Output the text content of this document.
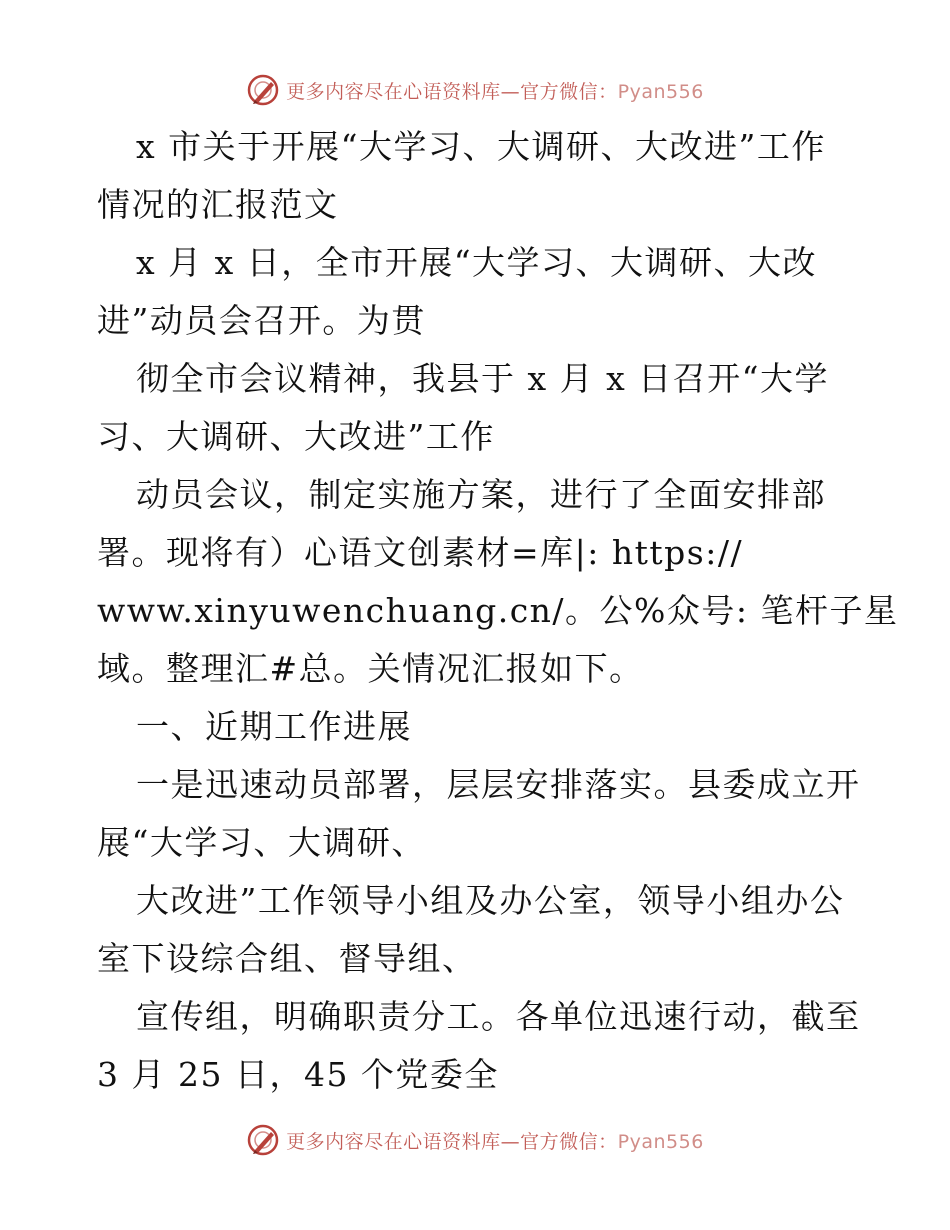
更多内容尽在心语资料库—官方微信：Pyan556
x 市关于开展“大学习、大调研、大改进”工作
情况的汇报范文
x 月 x 日，全市开展“大学习、大调研、大改
进”动员会召开。为贯
彻全市会议精神，我县于 x 月 x 日召开“大学
习、大调研、大改进”工作
动员会议，制定实施方案，进行了全面安排部
署。现将有）心语文创素材=库|: https://
www.xinyuwenchuang.cn/。公%众号: 笔杆子星
域。整理汇#总。关情况汇报如下。
一、近期工作进展
一是迅速动员部署，层层安排落实。县委成立开
展“大学习、大调研、
大改进”工作领导小组及办公室，领导小组办公
室下设综合组、督导组、
宣传组，明确职责分工。各单位迅速行动，截至
3 月 25 日，45 个党委全
更多内容尽在心语资料库—官方微信：Pyan556
